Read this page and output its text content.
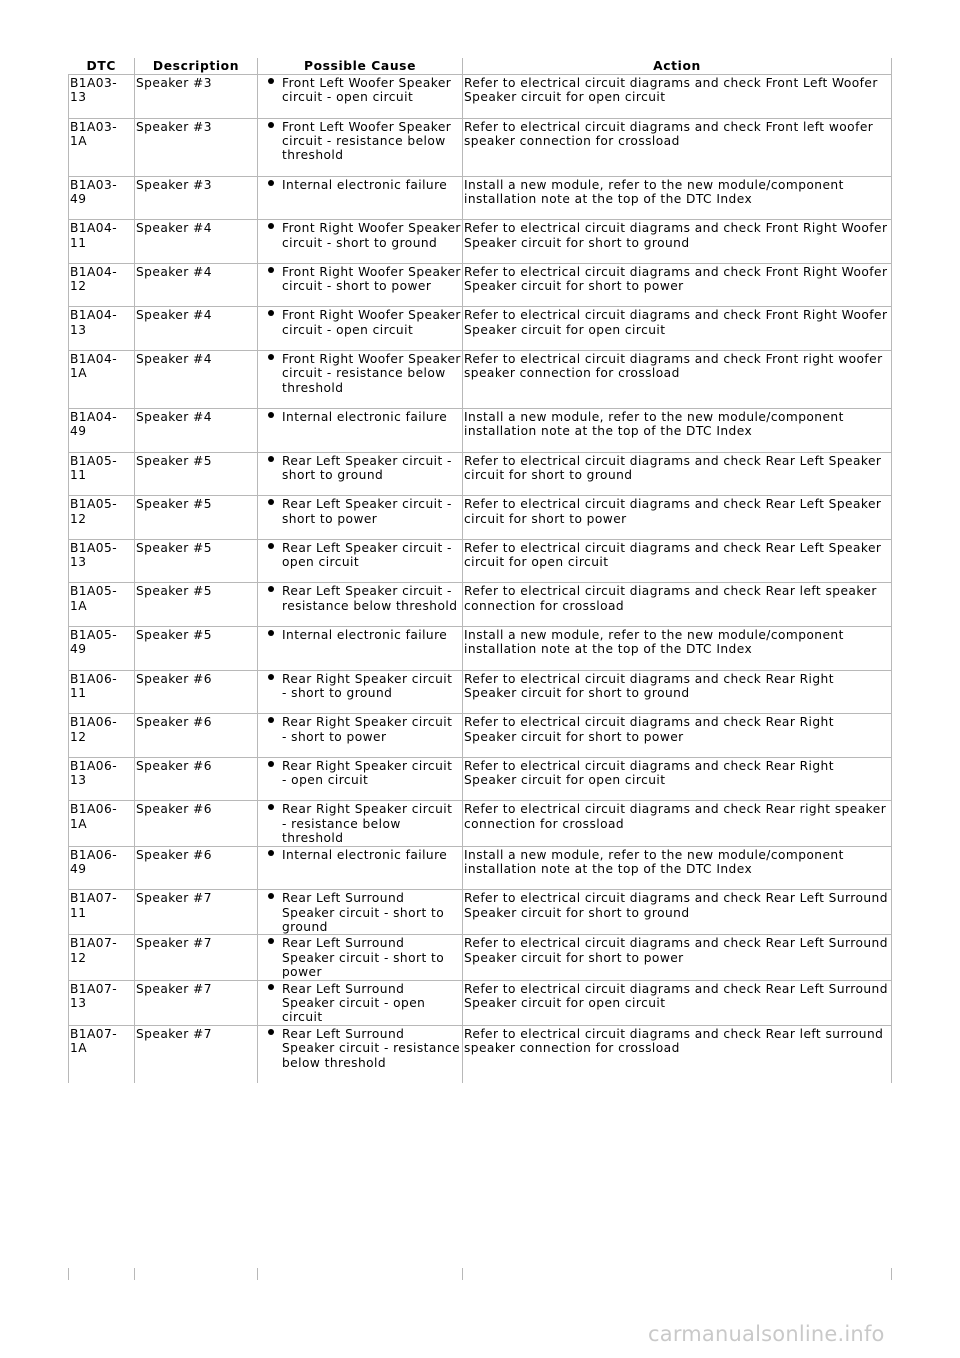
DTC	Description	Possible Cause	Action
B1A03-13	Speaker #3	Front Left Woofer Speaker circuit - open circuit	Refer to electrical circuit diagrams and check Front Left Woofer Speaker circuit for open circuit
B1A03-1A	Speaker #3	Front Left Woofer Speaker circuit - resistance below threshold	Refer to electrical circuit diagrams and check Front left woofer speaker connection for crossload
B1A03-49	Speaker #3	Internal electronic failure	Install a new module, refer to the new module/component installation note at the top of the DTC Index
B1A04-11	Speaker #4	Front Right Woofer Speaker circuit - short to ground	Refer to electrical circuit diagrams and check Front Right Woofer Speaker circuit for short to ground
B1A04-12	Speaker #4	Front Right Woofer Speaker circuit - short to power	Refer to electrical circuit diagrams and check Front Right Woofer Speaker circuit for short to power
B1A04-13	Speaker #4	Front Right Woofer Speaker circuit - open circuit	Refer to electrical circuit diagrams and check Front Right Woofer Speaker circuit for open circuit
B1A04-1A	Speaker #4	Front Right Woofer Speaker circuit - resistance below threshold	Refer to electrical circuit diagrams and check Front right woofer speaker connection for crossload
B1A04-49	Speaker #4	Internal electronic failure	Install a new module, refer to the new module/component installation note at the top of the DTC Index
B1A05-11	Speaker #5	Rear Left Speaker circuit - short to ground	Refer to electrical circuit diagrams and check Rear Left Speaker circuit for short to ground
B1A05-12	Speaker #5	Rear Left Speaker circuit - short to power	Refer to electrical circuit diagrams and check Rear Left Speaker circuit for short to power
B1A05-13	Speaker #5	Rear Left Speaker circuit - open circuit	Refer to electrical circuit diagrams and check Rear Left Speaker circuit for open circuit
B1A05-1A	Speaker #5	Rear Left Speaker circuit - resistance below threshold	Refer to electrical circuit diagrams and check Rear left speaker connection for crossload
B1A05-49	Speaker #5	Internal electronic failure	Install a new module, refer to the new module/component installation note at the top of the DTC Index
B1A06-11	Speaker #6	Rear Right Speaker circuit - short to ground	Refer to electrical circuit diagrams and check Rear Right Speaker circuit for short to ground
B1A06-12	Speaker #6	Rear Right Speaker circuit - short to power	Refer to electrical circuit diagrams and check Rear Right Speaker circuit for short to power
B1A06-13	Speaker #6	Rear Right Speaker circuit - open circuit	Refer to electrical circuit diagrams and check Rear Right Speaker circuit for open circuit
B1A06-1A	Speaker #6	Rear Right Speaker circuit - resistance below threshold	Refer to electrical circuit diagrams and check Rear right speaker connection for crossload
B1A06-49	Speaker #6	Internal electronic failure	Install a new module, refer to the new module/component installation note at the top of the DTC Index
B1A07-11	Speaker #7	Rear Left Surround Speaker circuit - short to ground	Refer to electrical circuit diagrams and check Rear Left Surround Speaker circuit for short to ground
B1A07-12	Speaker #7	Rear Left Surround Speaker circuit - short to power	Refer to electrical circuit diagrams and check Rear Left Surround Speaker circuit for short to power
B1A07-13	Speaker #7	Rear Left Surround Speaker circuit - open circuit	Refer to electrical circuit diagrams and check Rear Left Surround Speaker circuit for open circuit
B1A07-1A	Speaker #7	Rear Left Surround Speaker circuit - resistance below threshold	Refer to electrical circuit diagrams and check Rear left surround speaker connection for crossload
carmanualsonline.info
